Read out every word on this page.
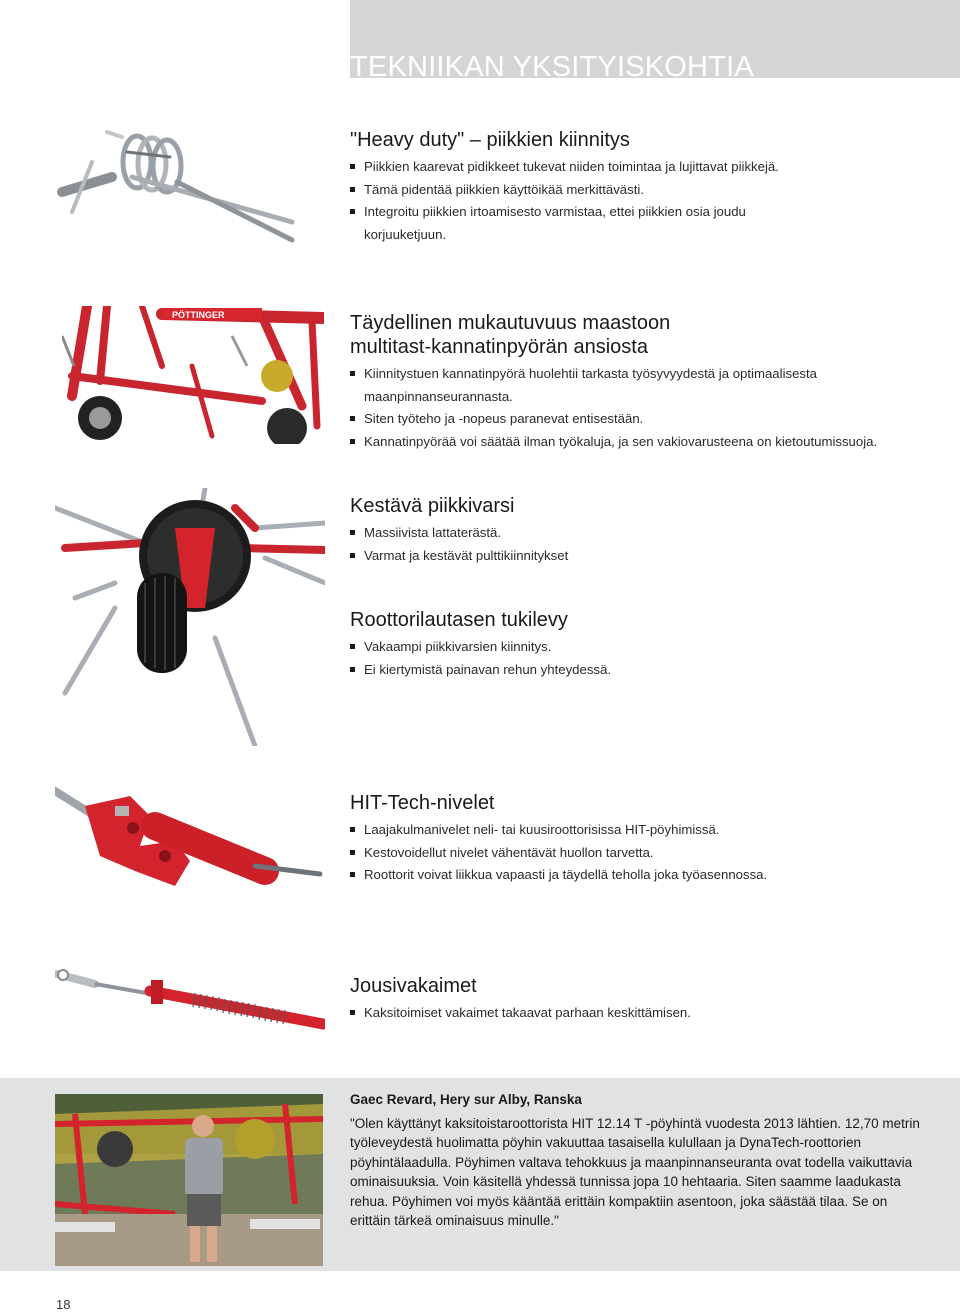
TEKNIIKAN YKSITYISKOHTIA
PÖTTINGER
"Heavy duty" – piikkien kiinnitys
Piikkien kaarevat pidikkeet tukevat niiden toimintaa ja lujittavat piikkejä.
Tämä pidentää piikkien käyttöikää merkittävästi.
Integroitu piikkien irtoamisesto varmistaa, ettei piikkien osia joudu korjuuketjuun.
Täydellinen mukautuvuus maastoon multitast-kannatinpyörän ansiosta
Kiinnitystuen kannatinpyörä huolehtii tarkasta työsyvyydestä ja optimaalisesta maanpinnanseurannasta.
Siten työteho ja -nopeus paranevat entisestään.
Kannatinpyörää voi säätää ilman työkaluja, ja sen vakiovarusteena on kietoutumissuoja.
Kestävä piikkivarsi
Massiivista lattaterästä.
Varmat ja kestävät pulttikiinnitykset
Roottorilautasen tukilevy
Vakaampi piikkivarsien kiinnitys.
Ei kiertymistä painavan rehun yhteydessä.
HIT-Tech-nivelet
Laajakulmanivelet neli- tai kuusiroottorisissa HIT-pöyhimissä.
Kestovoidellut nivelet vähentävät huollon tarvetta.
Roottorit voivat liikkua vapaasti ja täydellä teholla joka työasennossa.
Jousivakaimet
Kaksitoimiset vakaimet takaavat parhaan keskittämisen.
Gaec Revard, Hery sur Alby, Ranska
"Olen käyttänyt kaksitoistaroottorista HIT 12.14 T -pöyhintä vuodesta 2013 lähtien. 12,70 metrin työleveydestä huolimatta pöyhin vakuuttaa tasaisella kulullaan ja DynaTech-roottorien pöyhintälaadulla. Pöyhimen valtava tehokkuus ja maanpinnanseuranta ovat todella vaikuttavia ominaisuuksia. Voin käsitellä yhdessä tunnissa jopa 10 hehtaaria. Siten saamme laadukasta rehua. Pöyhimen voi myös kääntää erittäin kompaktiin asentoon, joka säästää tilaa. Se on erittäin tärkeä ominaisuus minulle."
18
